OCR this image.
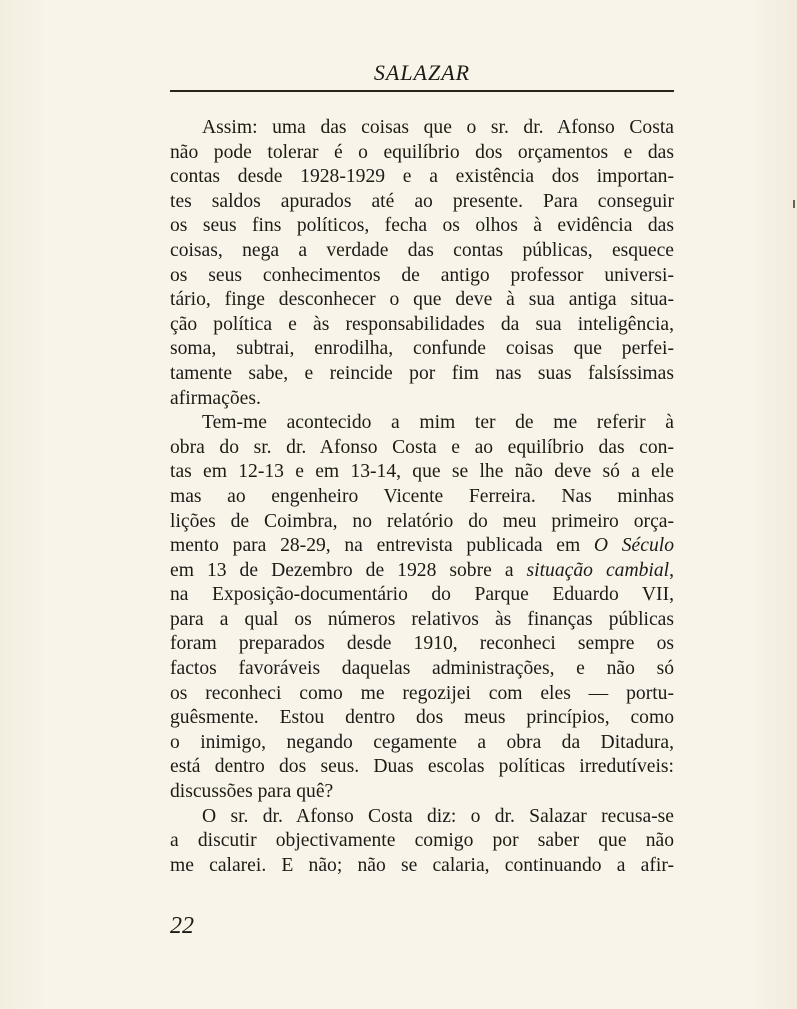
SALAZAR
Assim: uma das coisas que o sr. dr. Afonso Costa
não pode tolerar é o equilíbrio dos orçamentos e das
contas desde 1928-1929 e a existência dos importan-
tes saldos apurados até ao presente. Para conseguir
os seus fins políticos, fecha os olhos à evidência das
coisas, nega a verdade das contas públicas, esquece
os seus conhecimentos de antigo professor universi-
tário, finge desconhecer o que deve à sua antiga situa-
ção política e às responsabilidades da sua inteligência,
soma, subtrai, enrodilha, confunde coisas que perfei-
tamente sabe, e reincide por fim nas suas falsíssimas
afirmações.
Tem-me acontecido a mim ter de me referir à
obra do sr. dr. Afonso Costa e ao equilíbrio das con-
tas em 12-13 e em 13-14, que se lhe não deve só a ele
mas ao engenheiro Vicente Ferreira. Nas minhas
lições de Coimbra, no relatório do meu primeiro orça-
mento para 28-29, na entrevista publicada em O Século
em 13 de Dezembro de 1928 sobre a situação cambial,
na Exposição-documentário do Parque Eduardo VII,
para a qual os números relativos às finanças públicas
foram preparados desde 1910, reconheci sempre os
factos favoráveis daquelas administrações, e não só
os reconheci como me regozijei com eles — portu-
guêsmente. Estou dentro dos meus princípios, como
o inimigo, negando cegamente a obra da Ditadura,
está dentro dos seus. Duas escolas políticas irredutíveis:
discussões para quê?
O sr. dr. Afonso Costa diz: o dr. Salazar recusa-se
a discutir objectivamente comigo por saber que não
me calarei. E não; não se calaria, continuando a afir-
22
